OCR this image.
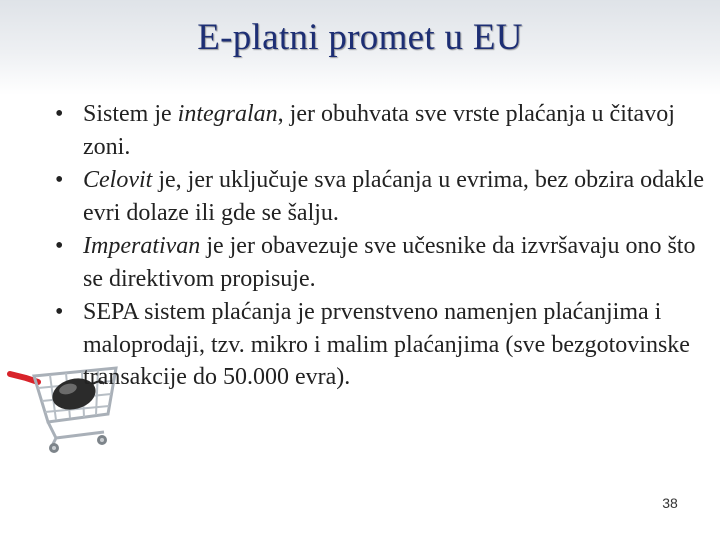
E-platni promet u EU
• Sistem je integralan, jer obuhvata sve vrste plaćanja u čitavoj zoni.
• Celovit je, jer uključuje sva plaćanja u evrima, bez obzira odakle evri dolaze ili gde se šalju.
• Imperativan je jer obavezuje sve učesnike da izvršavaju ono što se direktivom propisuje.
• SEPA sistem plaćanja je prvenstveno namenjen plaćanjima i maloprodaji, tzv. mikro i malim plaćanjima (sve bezgotovinske transakcije do 50.000 evra).
38
